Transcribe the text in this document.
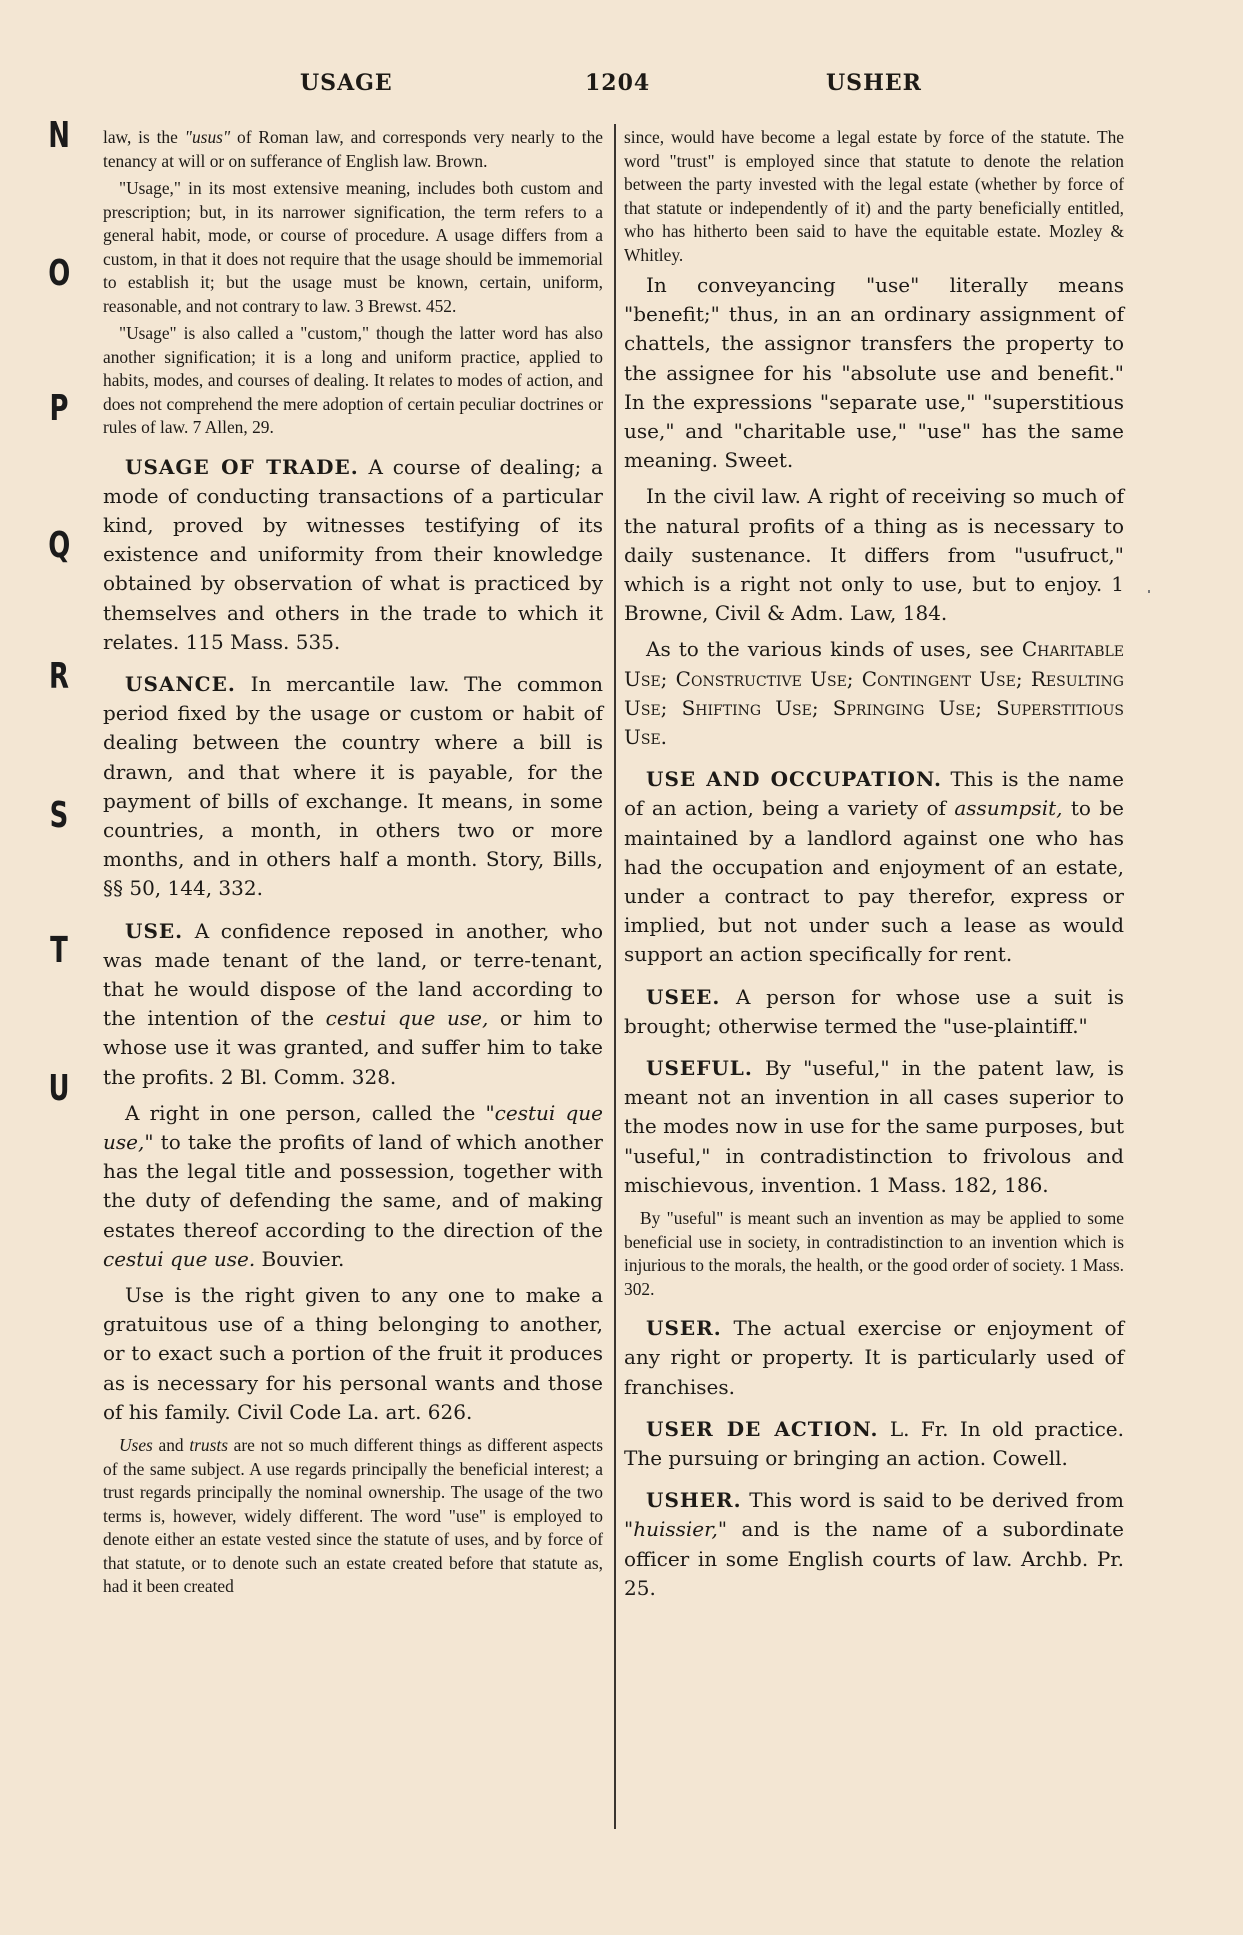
USAGE	1204	USHER
N
O
P
Q
R
S
T
U

law, is the "usus" of Roman law, and corresponds very nearly to the tenancy at will or on sufferance of English law. Brown.

"Usage," in its most extensive meaning, includes both custom and prescription; but, in its narrower signification, the term refers to a general habit, mode, or course of procedure. A usage differs from a custom, in that it does not require that the usage should be immemorial to establish it; but the usage must be known, certain, uniform, reasonable, and not contrary to law. 3 Brewst. 452.

"Usage" is also called a "custom," though the latter word has also another signification; it is a long and uniform practice, applied to habits, modes, and courses of dealing. It relates to modes of action, and does not comprehend the mere adoption of certain peculiar doctrines or rules of law. 7 Allen, 29.

USAGE OF TRADE. A course of dealing; a mode of conducting transactions of a particular kind, proved by witnesses testifying of its existence and uniformity from their knowledge obtained by observation of what is practiced by themselves and others in the trade to which it relates. 115 Mass. 535.

USANCE. In mercantile law. The common period fixed by the usage or custom or habit of dealing between the country where a bill is drawn, and that where it is payable, for the payment of bills of exchange. It means, in some countries, a month, in others two or more months, and in others half a month. Story, Bills, §§ 50, 144, 332.

USE. A confidence reposed in another, who was made tenant of the land, or terre-tenant, that he would dispose of the land according to the intention of the cestui que use, or him to whose use it was granted, and suffer him to take the profits. 2 Bl. Comm. 328.

A right in one person, called the "cestui que use," to take the profits of land of which another has the legal title and possession, together with the duty of defending the same, and of making estates thereof according to the direction of the cestui que use. Bouvier.

Use is the right given to any one to make a gratuitous use of a thing belonging to another, or to exact such a portion of the fruit it produces as is necessary for his personal wants and those of his family. Civil Code La. art. 626.

Uses and trusts are not so much different things as different aspects of the same subject. A use regards principally the beneficial interest; a trust regards principally the nominal ownership. The usage of the two terms is, however, widely different. The word "use" is employed to denote either an estate vested since the statute of uses, and by force of that statute, or to denote such an estate created before that statute as, had it been created

since, would have become a legal estate by force of the statute. The word "trust" is employed since that statute to denote the relation between the party invested with the legal estate (whether by force of that statute or independently of it) and the party beneficially entitled, who has hitherto been said to have the equitable estate. Mozley & Whitley.

In conveyancing "use" literally means "benefit;" thus, in an an ordinary assignment of chattels, the assignor transfers the property to the assignee for his "absolute use and benefit." In the expressions "separate use," "superstitious use," and "charitable use," "use" has the same meaning. Sweet.

In the civil law. A right of receiving so much of the natural profits of a thing as is necessary to daily sustenance. It differs from "usufruct," which is a right not only to use, but to enjoy. 1 Browne, Civil & Adm. Law, 184.

As to the various kinds of uses, see Charitable Use; Constructive Use; Contingent Use; Resulting Use; Shifting Use; Springing Use; Superstitious Use.

USE AND OCCUPATION. This is the name of an action, being a variety of assumpsit, to be maintained by a landlord against one who has had the occupation and enjoyment of an estate, under a contract to pay therefor, express or implied, but not under such a lease as would support an action specifically for rent.

USEE. A person for whose use a suit is brought; otherwise termed the "use-plaintiff."

USEFUL. By "useful," in the patent law, is meant not an invention in all cases superior to the modes now in use for the same purposes, but "useful," in contradistinction to frivolous and mischievous, invention. 1 Mass. 182, 186.

By "useful" is meant such an invention as may be applied to some beneficial use in society, in contradistinction to an invention which is injurious to the morals, the health, or the good order of society. 1 Mass. 302.

USER. The actual exercise or enjoyment of any right or property. It is particularly used of franchises.

USER DE ACTION. L. Fr. In old practice. The pursuing or bringing an action. Cowell.

USHER. This word is said to be derived from "huissier," and is the name of a subordinate officer in some English courts of law. Archb. Pr. 25.
